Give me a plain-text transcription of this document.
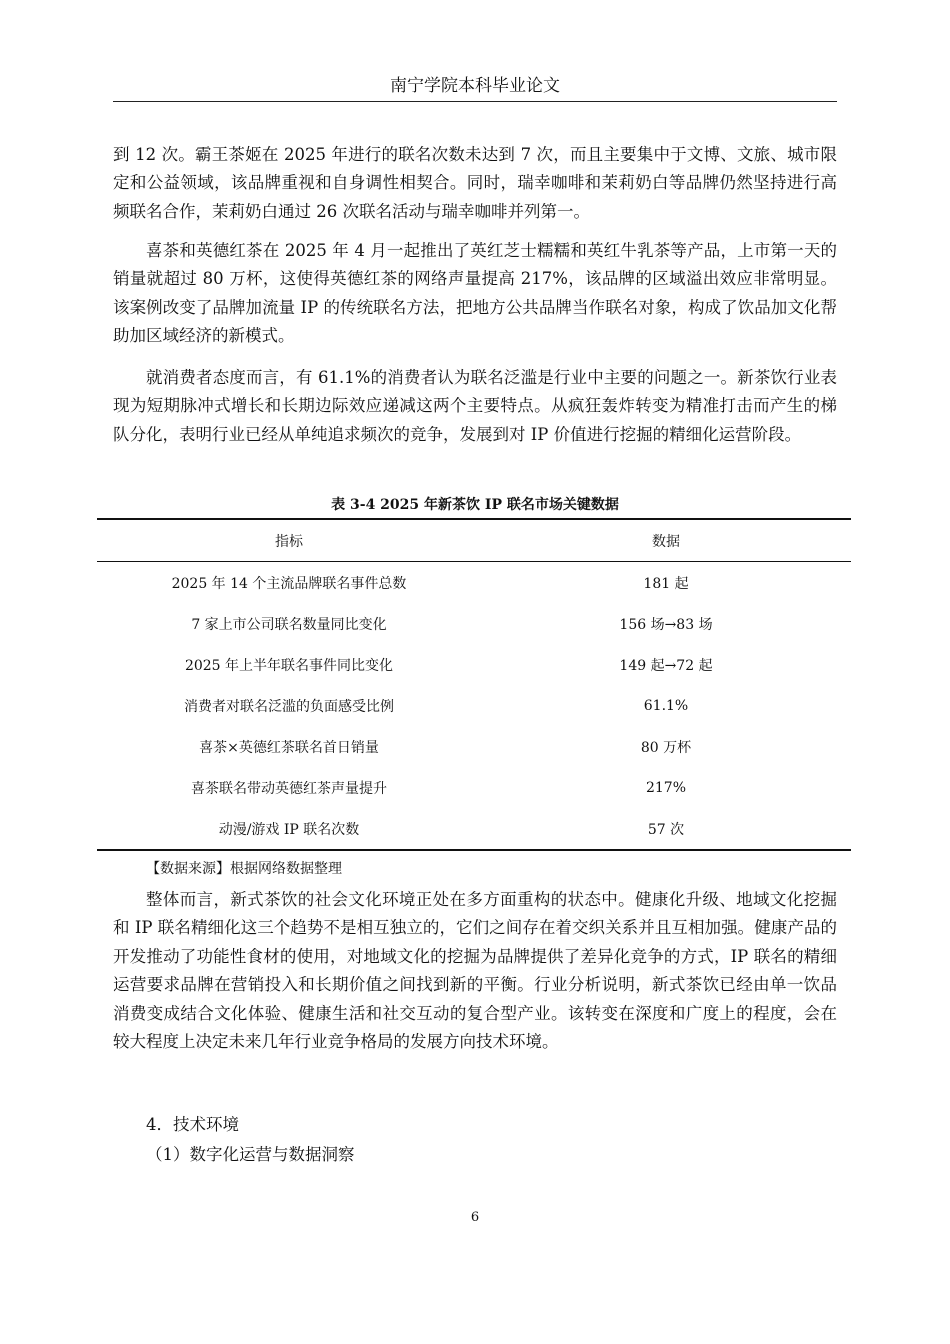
南宁学院本科毕业论文

到 12 次。霸王茶姬在 2025 年进行的联名次数未达到 7 次，而且主要集中于文博、文旅、城市限定和公益领域，该品牌重视和自身调性相契合。同时，瑞幸咖啡和茉莉奶白等品牌仍然坚持进行高频联名合作，茉莉奶白通过 26 次联名活动与瑞幸咖啡并列第一。

喜茶和英德红茶在 2025 年 4 月一起推出了英红芝士糯糯和英红牛乳茶等产品，上市第一天的销量就超过 80 万杯，这使得英德红茶的网络声量提高 217%，该品牌的区域溢出效应非常明显。该案例改变了品牌加流量 IP 的传统联名方法，把地方公共品牌当作联名对象，构成了饮品加文化帮助加区域经济的新模式。

就消费者态度而言，有 61.1%的消费者认为联名泛滥是行业中主要的问题之一。新茶饮行业表现为短期脉冲式增长和长期边际效应递减这两个主要特点。从疯狂轰炸转变为精准打击而产生的梯队分化，表明行业已经从单纯追求频次的竞争，发展到对 IP 价值进行挖掘的精细化运营阶段。

表 3-4 2025 年新茶饮 IP 联名市场关键数据
指标	数据
2025 年 14 个主流品牌联名事件总数	181 起
7 家上市公司联名数量同比变化	156 场→83 场
2025 年上半年联名事件同比变化	149 起→72 起
消费者对联名泛滥的负面感受比例	61.1%
喜茶×英德红茶联名首日销量	80 万杯
喜茶联名带动英德红茶声量提升	217%
动漫/游戏 IP 联名次数	57 次
【数据来源】根据网络数据整理

整体而言，新式茶饮的社会文化环境正处在多方面重构的状态中。健康化升级、地域文化挖掘和 IP 联名精细化这三个趋势不是相互独立的，它们之间存在着交织关系并且互相加强。健康产品的开发推动了功能性食材的使用，对地域文化的挖掘为品牌提供了差异化竞争的方式，IP 联名的精细运营要求品牌在营销投入和长期价值之间找到新的平衡。行业分析说明，新式茶饮已经由单一饮品消费变成结合文化体验、健康生活和社交互动的复合型产业。该转变在深度和广度上的程度，会在较大程度上决定未来几年行业竞争格局的发展方向技术环境。

4．技术环境
（1）数字化运营与数据洞察
6
